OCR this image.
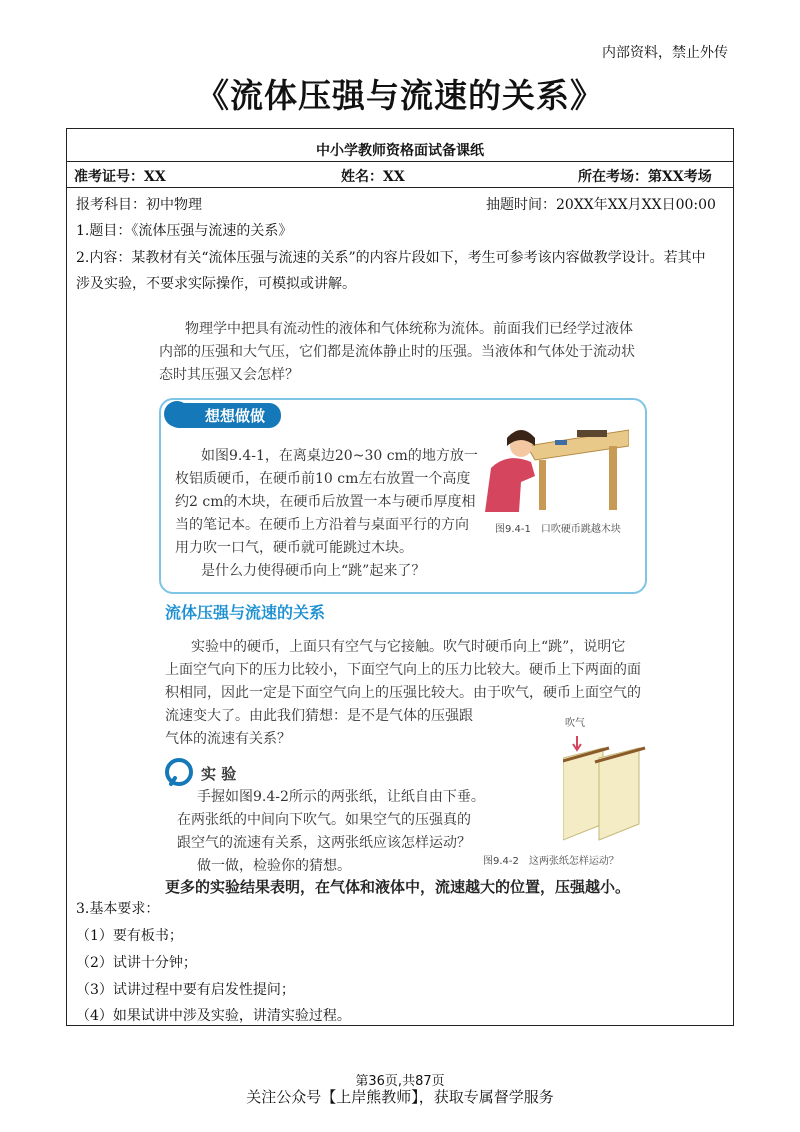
内部资料，禁止外传
《流体压强与流速的关系》
中小学教师资格面试备课纸
准考证号：XX	姓名：XX	所在考场：第XX考场
报考科目：初中物理	抽题时间：20XX年XX月XX日00:00
1.题目：《流体压强与流速的关系》
2.内容：某教材有关“流体压强与流速的关系”的内容片段如下，考生可参考该内容做教学设计。若其中
涉及实验，不要求实际操作，可模拟或讲解。
物理学中把具有流动性的液体和气体统称为流体。前面我们已经学过液体
内部的压强和大气压，它们都是流体静止时的压强。当液体和气体处于流动状
态时其压强又会怎样？
想想做做
如图9.4-1，在离桌边20~30 cm的地方放一
枚铝质硬币，在硬币前10 cm左右放置一个高度
约2 cm的木块，在硬币后放置一本与硬币厚度相
当的笔记本。在硬币上方沿着与桌面平行的方向
用力吹一口气，硬币就可能跳过木块。
是什么力使得硬币向上“跳”起来了？
图9.4-1　口吹硬币跳越木块
流体压强与流速的关系
实验中的硬币，上面只有空气与它接触。吹气时硬币向上“跳”，说明它
上面空气向下的压力比较小，下面空气向上的压力比较大。硬币上下两面的面
积相同，因此一定是下面空气向上的压强比较大。由于吹气，硬币上面空气的
流速变大了。由此我们猜想：是不是气体的压强跟
气体的流速有关系？
实 验
手握如图9.4-2所示的两张纸，让纸自由下垂。
在两张纸的中间向下吹气。如果空气的压强真的
跟空气的流速有关系，这两张纸应该怎样运动？
做一做，检验你的猜想。
吹气
图9.4-2　这两张纸怎样运动？
更多的实验结果表明，在气体和液体中，流速越大的位置，压强越小。
3.基本要求：
（1）要有板书；
（2）试讲十分钟；
（3）试讲过程中要有启发性提问；
（4）如果试讲中涉及实验，讲清实验过程。
第36页,共87页
关注公众号【上岸熊教师】，获取专属督学服务
